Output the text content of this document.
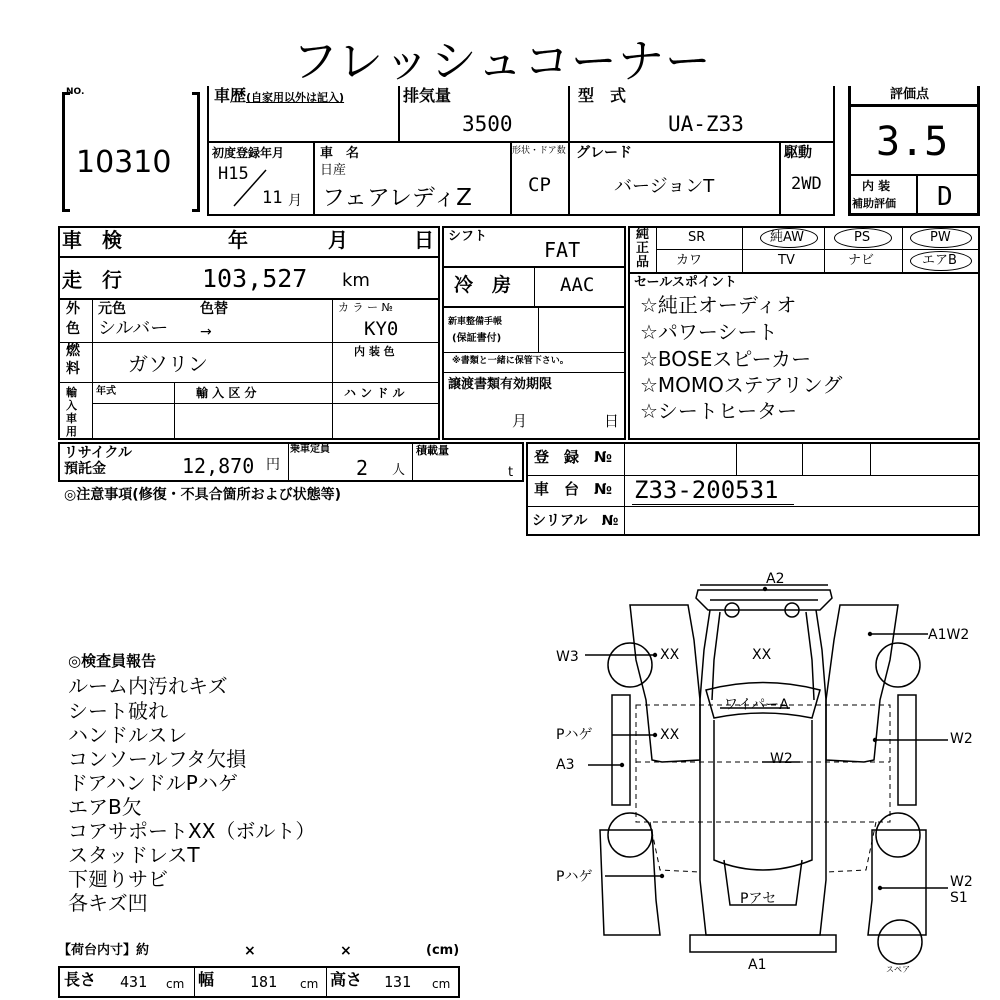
フレッシュコーナー
NO.
10310
車歴(自家用以外は記入)	排気量
3500
型　式
UA-Z33
初度登録年月
H15
11 月
車　名
日産
フェアレディZ
形状・ドア数
CP
グレード
バージョンT
駆動
2WD
評価点
3.5
内 装
補助評価 D
車　検	年	月	日
走　行	103,527 km
外
色
元色	色替
シルバー →
カ ラ ー №
KY0
燃
料 ガソリン
内 装 色
輸入車用
年式	輸 入 区 分	ハ ン ド ル
シフト
FAT
冷　房	AAC
新車整備手帳
(保証書付)
※書類と一緒に保管下さい。
譲渡書類有効期限
月	日
純
正
品
SR	純AW	PS	PW
カワ	TV	ナビ	エアB
セールスポイント
☆純正オーディオ
☆パワーシート
☆BOSEスピーカー
☆MOMOステアリング
☆シートヒーター
リサイクル
預託金	12,870 円
乗車定員
2 人
積載量
t
登　録　№
車　台　№ Z33-200531
シリアル　№
◎注意事項(修復・不具合箇所および状態等)
◎検査員報告
ルーム内汚れキズ
シート破れ
ハンドルスレ
コンソールフタ欠損
ドアハンドルPハゲ
エアB欠
コアサポートXX（ボルト）
スタッドレスT
下廻りサビ
各キズ凹
【荷台内寸】約	×	×	(cm)
長さ 431 cm 幅 181 cm 高さ 131 cm
A2
XX
A1W2
W3	XX
ワイパーA
Pハゲ	XX	W2
A3	W2
Pハゲ	W2
S1
Pアセ
A1	スペア
